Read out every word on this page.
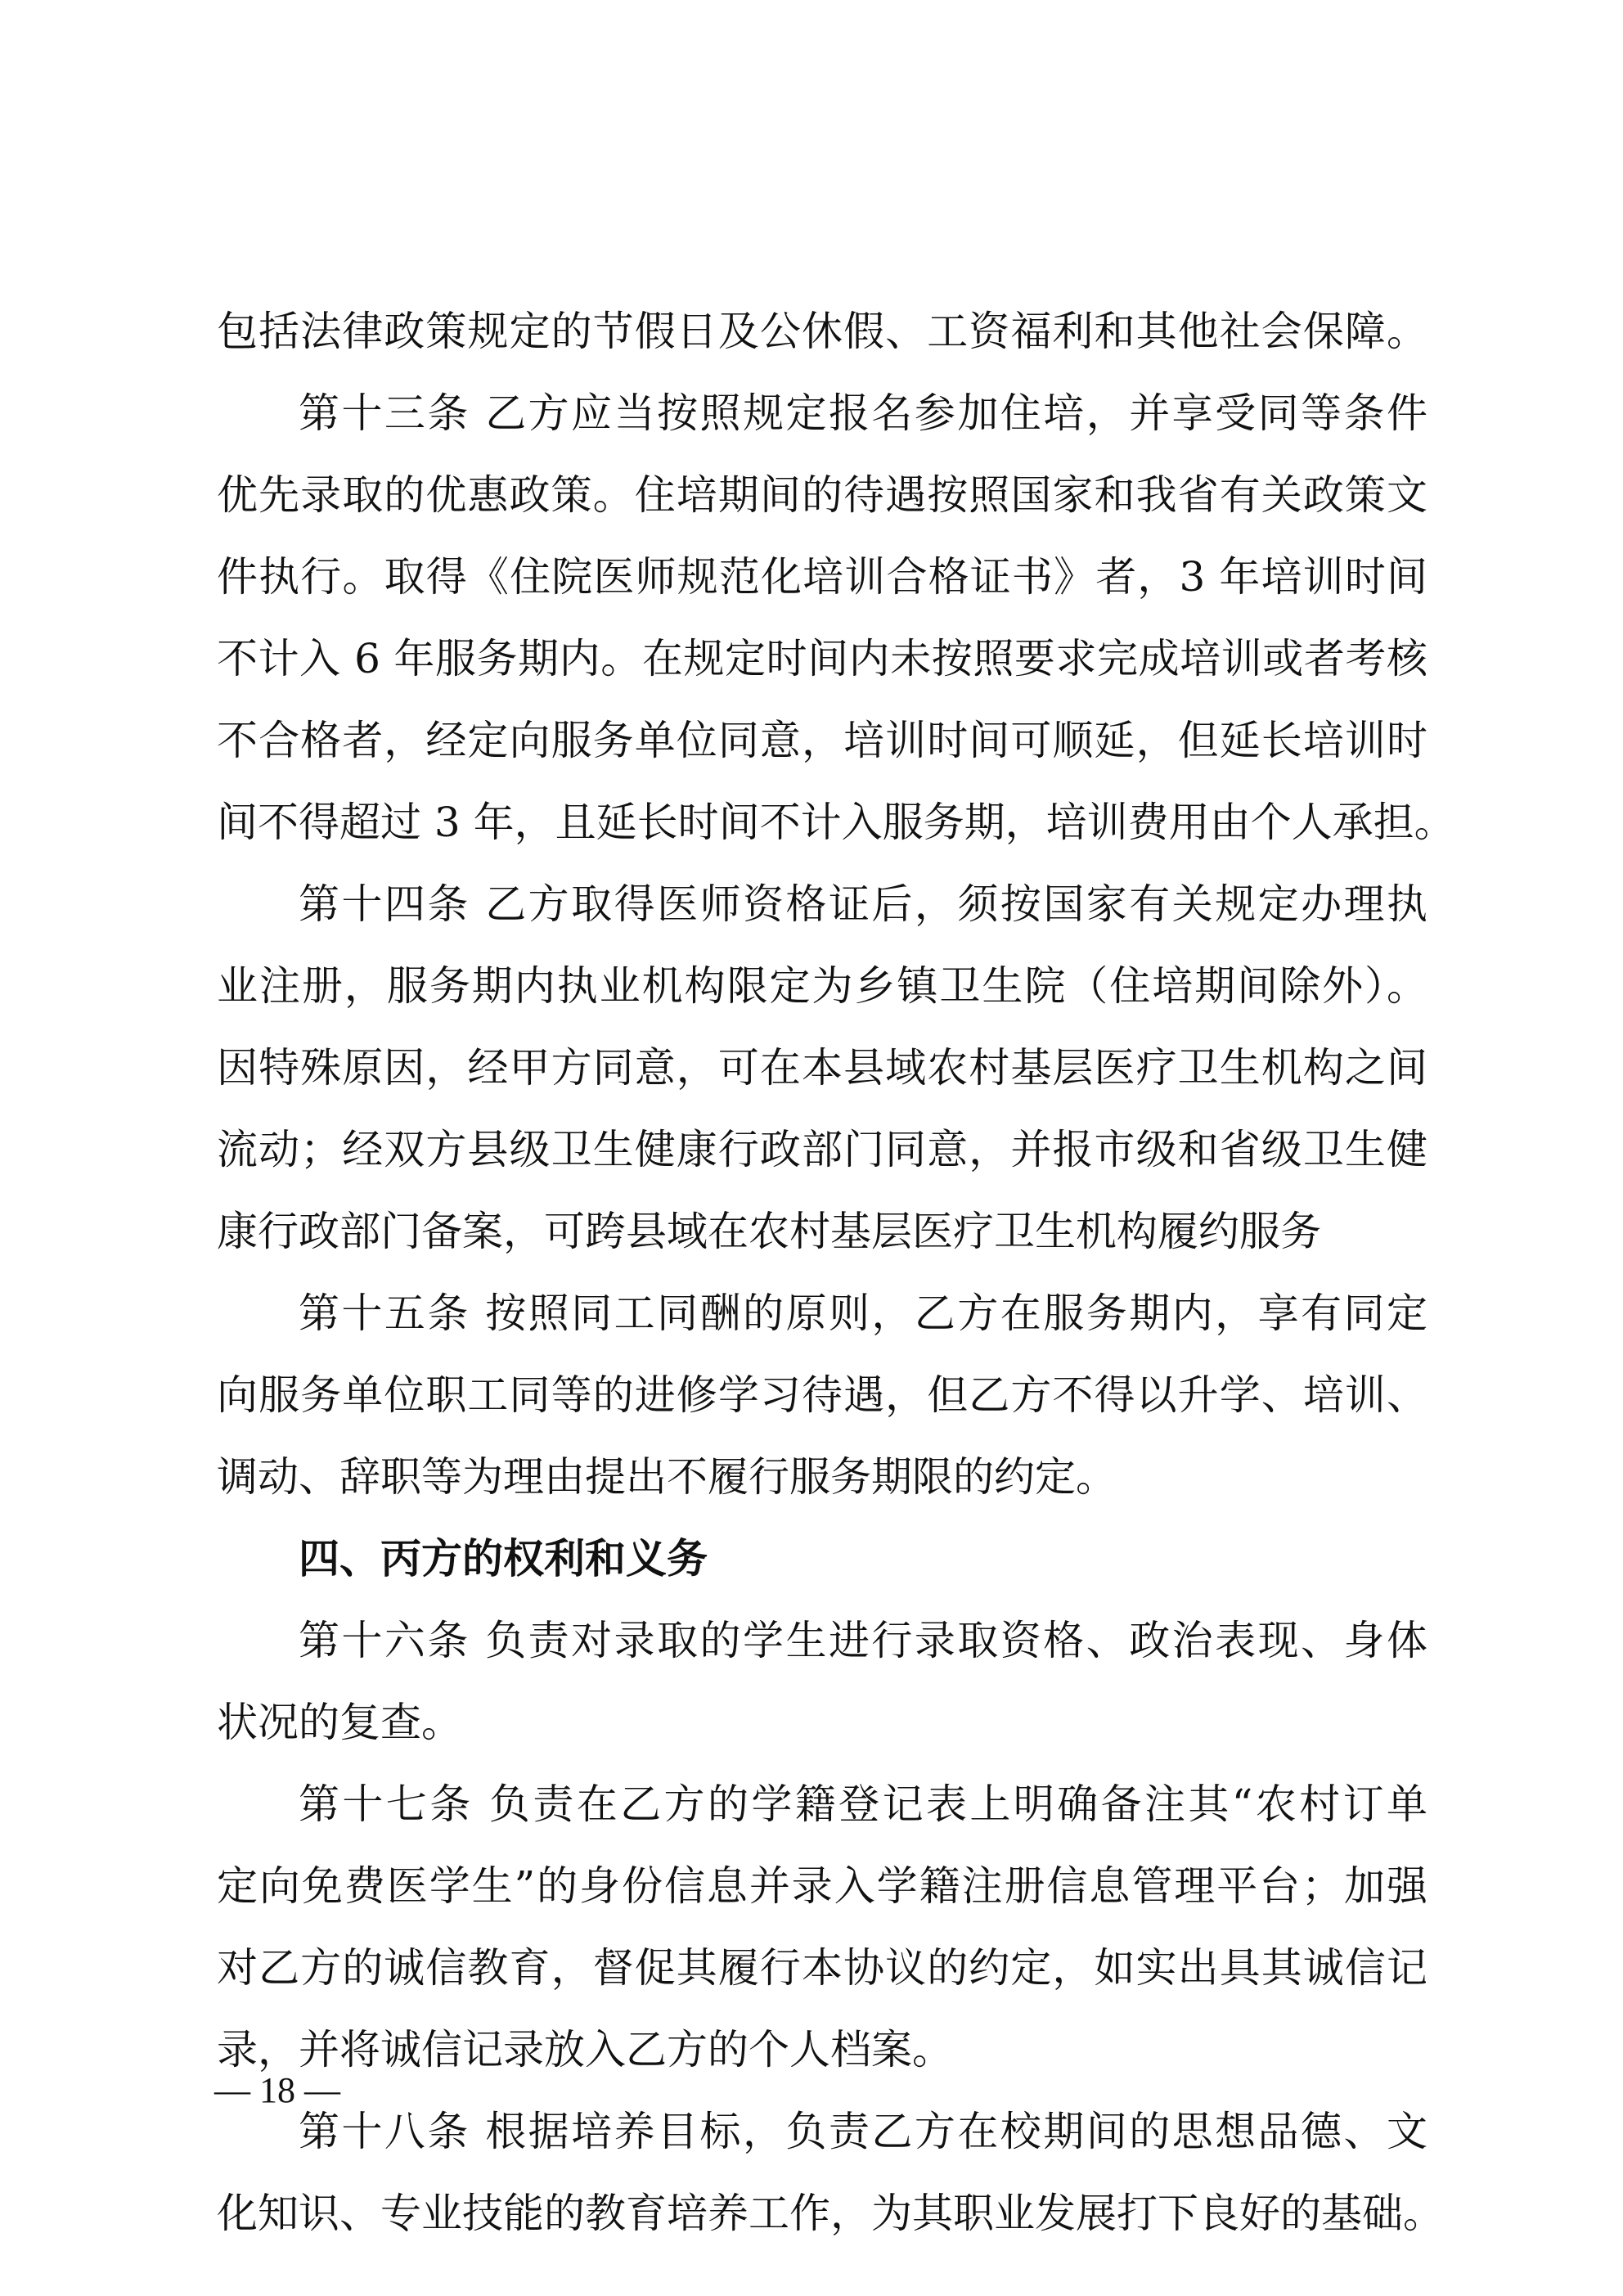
包括法律政策规定的节假日及公休假、工资福利和其他社会保障。
第十三条 乙方应当按照规定报名参加住培，并享受同等条件
优先录取的优惠政策。住培期间的待遇按照国家和我省有关政策文
件执行。取得《住院医师规范化培训合格证书》者，3 年培训时间
不计入 6 年服务期内。在规定时间内未按照要求完成培训或者考核
不合格者，经定向服务单位同意，培训时间可顺延，但延长培训时
间不得超过 3 年，且延长时间不计入服务期，培训费用由个人承担。
第十四条 乙方取得医师资格证后，须按国家有关规定办理执
业注册，服务期内执业机构限定为乡镇卫生院（住培期间除外）。
因特殊原因，经甲方同意，可在本县域农村基层医疗卫生机构之间
流动；经双方县级卫生健康行政部门同意，并报市级和省级卫生健
康行政部门备案，可跨县域在农村基层医疗卫生机构履约服务
第十五条 按照同工同酬的原则，乙方在服务期内，享有同定
向服务单位职工同等的进修学习待遇，但乙方不得以升学、培训、
调动、辞职等为理由提出不履行服务期限的约定。
四、丙方的权利和义务
第十六条 负责对录取的学生进行录取资格、政治表现、身体
状况的复查。
第十七条 负责在乙方的学籍登记表上明确备注其“农村订单
定向免费医学生”的身份信息并录入学籍注册信息管理平台；加强
对乙方的诚信教育，督促其履行本协议的约定，如实出具其诚信记
录，并将诚信记录放入乙方的个人档案。
第十八条 根据培养目标，负责乙方在校期间的思想品德、文
化知识、专业技能的教育培养工作，为其职业发展打下良好的基础。
— 18 —
